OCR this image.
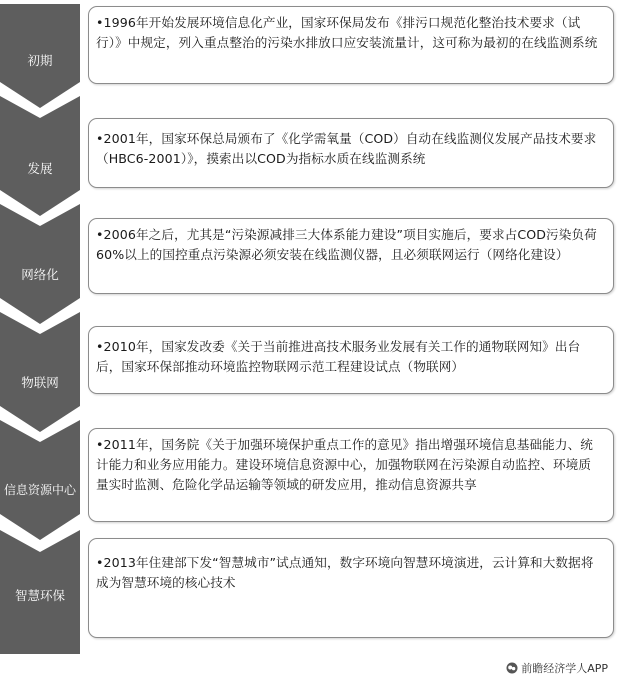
初期
•1996年开始发展环境信息化产业，国家环保局发布《排污口规范化整治技术要求（试行）》中规定，列入重点整治的污染水排放口应安装流量计，这可称为最初的在线监测系统
发展
•2001年，国家环保总局颁布了《化学需氧量（COD）自动在线监测仪发展产品技术要求（HBC6-2001）》，摸索出以COD为指标水质在线监测系统
网络化
•2006年之后，尤其是“污染源减排三大体系能力建设”项目实施后，要求占COD污染负荷60%以上的国控重点污染源必须安装在线监测仪器，且必须联网运行（网络化建设）
物联网
•2010年，国家发改委《关于当前推进高技术服务业发展有关工作的通物联网知》出台后，国家环保部推动环境监控物联网示范工程建设试点（物联网）
信息资源中心
•2011年，国务院《关于加强环境保护重点工作的意见》指出增强环境信息基础能力、统计能力和业务应用能力。建设环境信息资源中心，加强物联网在污染源自动监控、环境质量实时监测、危险化学品运输等领域的研发应用，推动信息资源共享
智慧环保
•2013年住建部下发“智慧城市”试点通知，数字环境向智慧环境演进，云计算和大数据将成为智慧环境的核心技术
前瞻经济学人APP
